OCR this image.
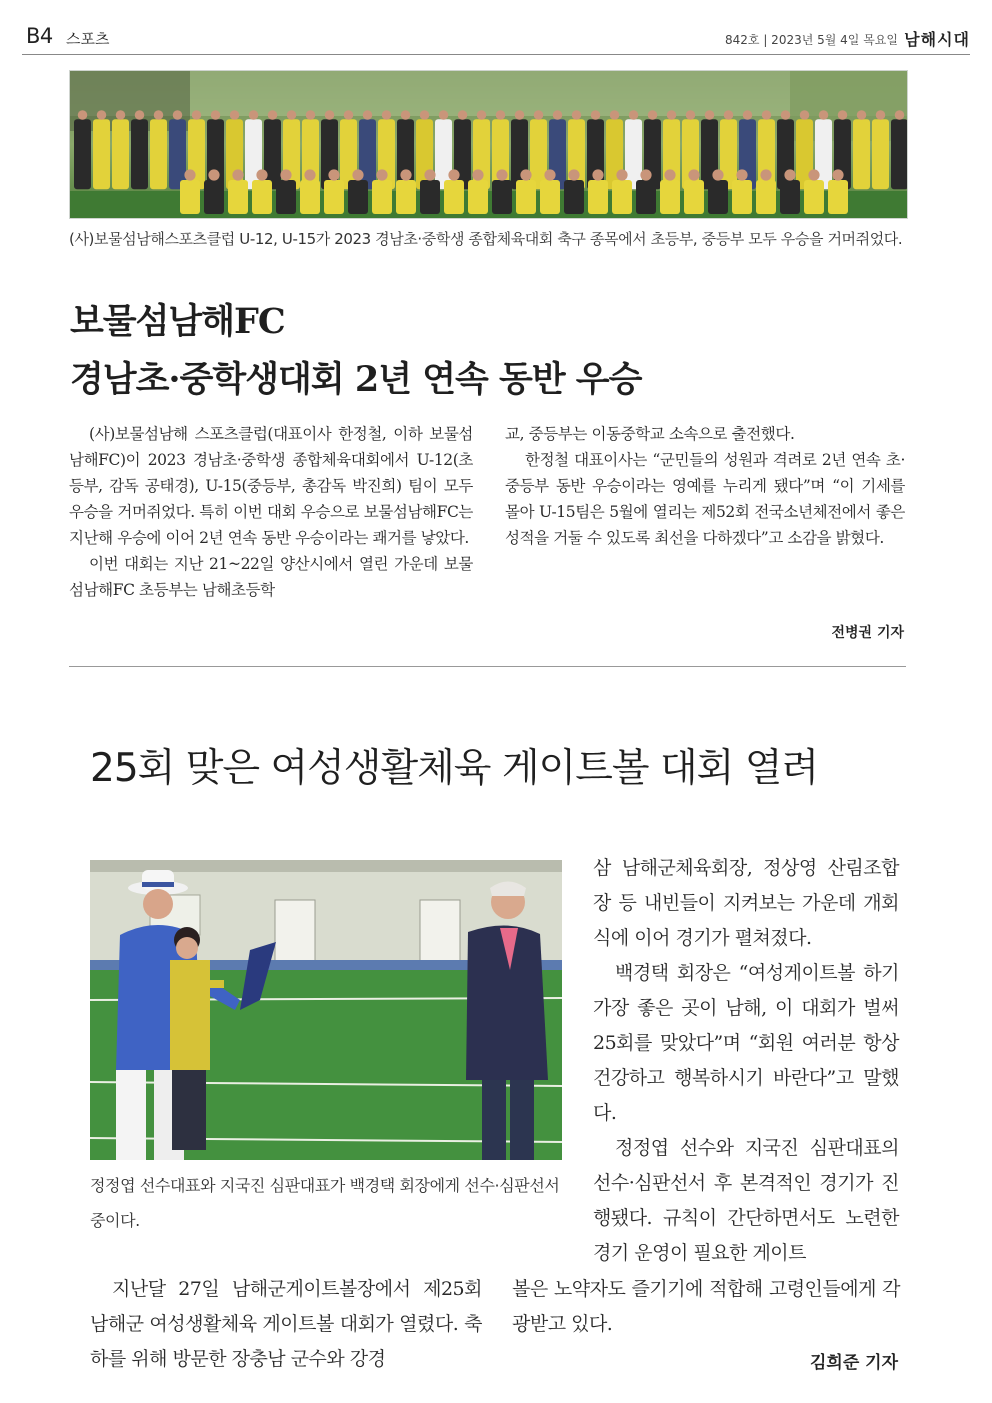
B4 스포츠	842호 | 2023년 5월 4일 목요일 남해시대
(사)보물섬남해스포츠클럽 U-12, U-15가 2023 경남초·중학생 종합체육대회 축구 종목에서 초등부, 중등부 모두 우승을 거머쥐었다.
보물섬남해FC
경남초·중학생대회 2년 연속 동반 우승

(사)보물섬남해 스포츠클럽(대표이사 한정철, 이하 보물섬남해FC)이 2023 경남초·중학생 종합체육대회에서 U-12(초등부, 감독 공태경), U-15(중등부, 총감독 박진희) 팀이 모두 우승을 거머쥐었다. 특히 이번 대회 우승으로 보물섬남해FC는 지난해 우승에 이어 2년 연속 동반 우승이라는 쾌거를 낳았다.

이번 대회는 지난 21~22일 양산시에서 열린 가운데 보물섬남해FC 초등부는 남해초등학

교, 중등부는 이동중학교 소속으로 출전했다.

한정철 대표이사는 “군민들의 성원과 격려로 2년 연속 초·중등부 동반 우승이라는 영예를 누리게 됐다”며 “이 기세를 몰아 U-15팀은 5월에 열리는 제52회 전국소년체전에서 좋은 성적을 거둘 수 있도록 최선을 다하겠다”고 소감을 밝혔다.

전병권 기자
25회 맞은 여성생활체육 게이트볼 대회 열려
정정엽 선수대표와 지국진 심판대표가 백경택 회장에게 선수·심판선서 중이다.

삼 남해군체육회장, 정상영 산림조합장 등 내빈들이 지켜보는 가운데 개회식에 이어 경기가 펼쳐졌다.

백경택 회장은 “여성게이트볼 하기 가장 좋은 곳이 남해, 이 대회가 벌써 25회를 맞았다”며 “회원 여러분 항상 건강하고 행복하시기 바란다”고 말했다.

정정엽 선수와 지국진 심판대표의 선수·심판선서 후 본격적인 경기가 진행됐다. 규칙이 간단하면서도 노련한 경기 운영이 필요한 게이트

지난달 27일 남해군게이트볼장에서 제25회 남해군 여성생활체육 게이트볼 대회가 열렸다. 축하를 위해 방문한 장충남 군수와 강경

볼은 노약자도 즐기기에 적합해 고령인들에게 각광받고 있다.

김희준 기자
